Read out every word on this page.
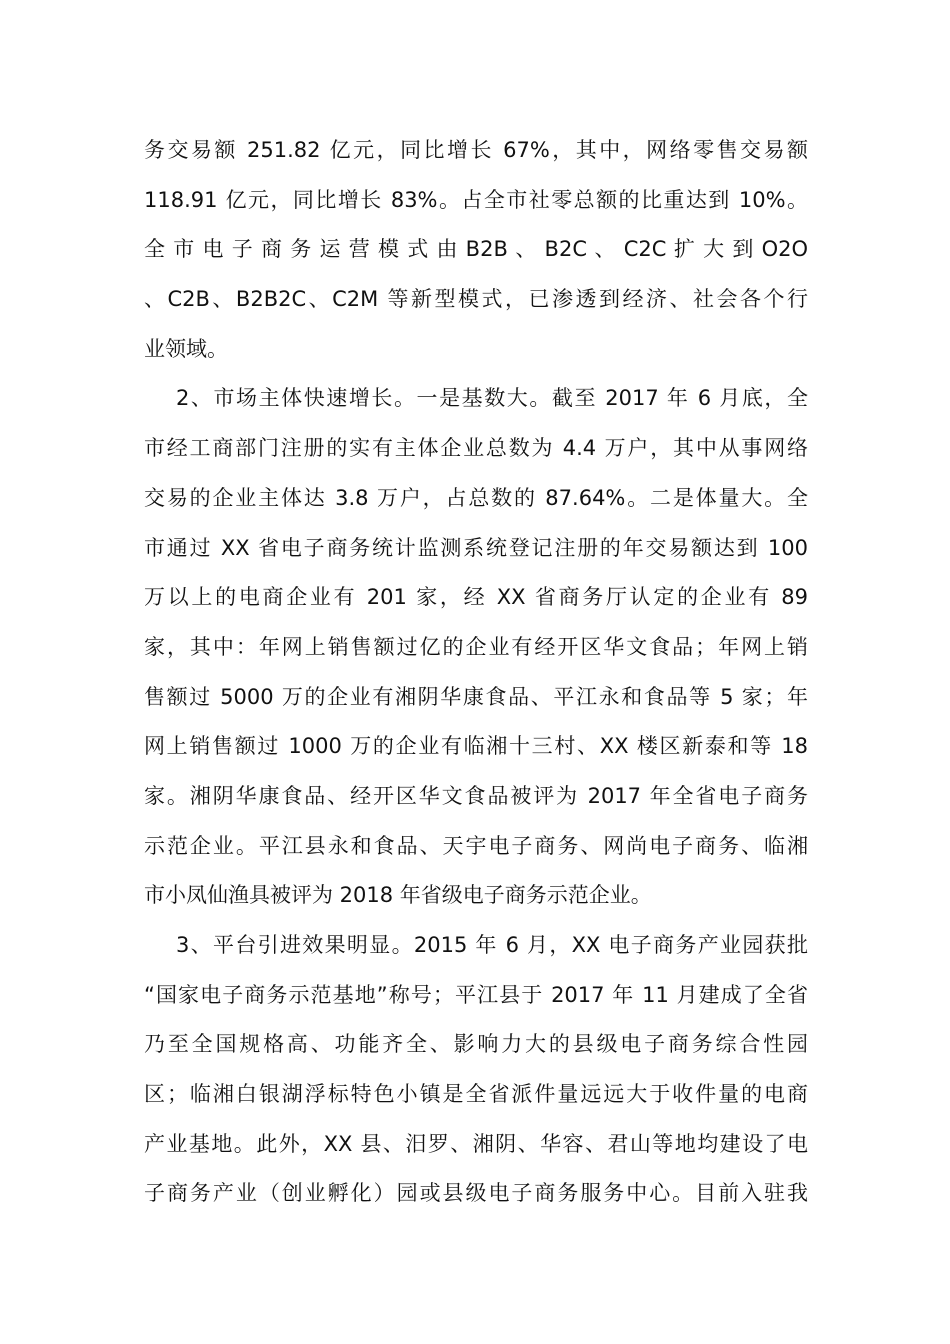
务交易额 251.82 亿元，同比增长 67%，其中，网络零售交易额
118.91 亿元，同比增长 83%。占全市社零总额的比重达到 10%。
全 市 电 子 商 务 运 营 模 式 由 B2B 、 B2C 、 C2C 扩 大 到 O2O
、C2B、B2B2C、C2M 等新型模式，已渗透到经济、社会各个行
业领域。
2、市场主体快速增长。一是基数大。截至 2017 年 6 月底，全
市经工商部门注册的实有主体企业总数为 4.4 万户，其中从事网络
交易的企业主体达 3.8 万户，占总数的 87.64%。二是体量大。全
市通过 XX 省电子商务统计监测系统登记注册的年交易额达到 100
万以上的电商企业有 201 家，经 XX 省商务厅认定的企业有 89
家，其中：年网上销售额过亿的企业有经开区华文食品；年网上销
售额过 5000 万的企业有湘阴华康食品、平江永和食品等 5 家；年
网上销售额过 1000 万的企业有临湘十三村、XX 楼区新泰和等 18
家。湘阴华康食品、经开区华文食品被评为 2017 年全省电子商务
示范企业。平江县永和食品、天宇电子商务、网尚电子商务、临湘
市小凤仙渔具被评为 2018 年省级电子商务示范企业。
3、平台引进效果明显。2015 年 6 月，XX 电子商务产业园获批
“国家电子商务示范基地”称号；平江县于 2017 年 11 月建成了全省
乃至全国规格高、功能齐全、影响力大的县级电子商务综合性园
区；临湘白银湖浮标特色小镇是全省派件量远远大于收件量的电商
产业基地。此外，XX 县、汨罗、湘阴、华容、君山等地均建设了电
子商务产业（创业孵化）园或县级电子商务服务中心。目前入驻我
